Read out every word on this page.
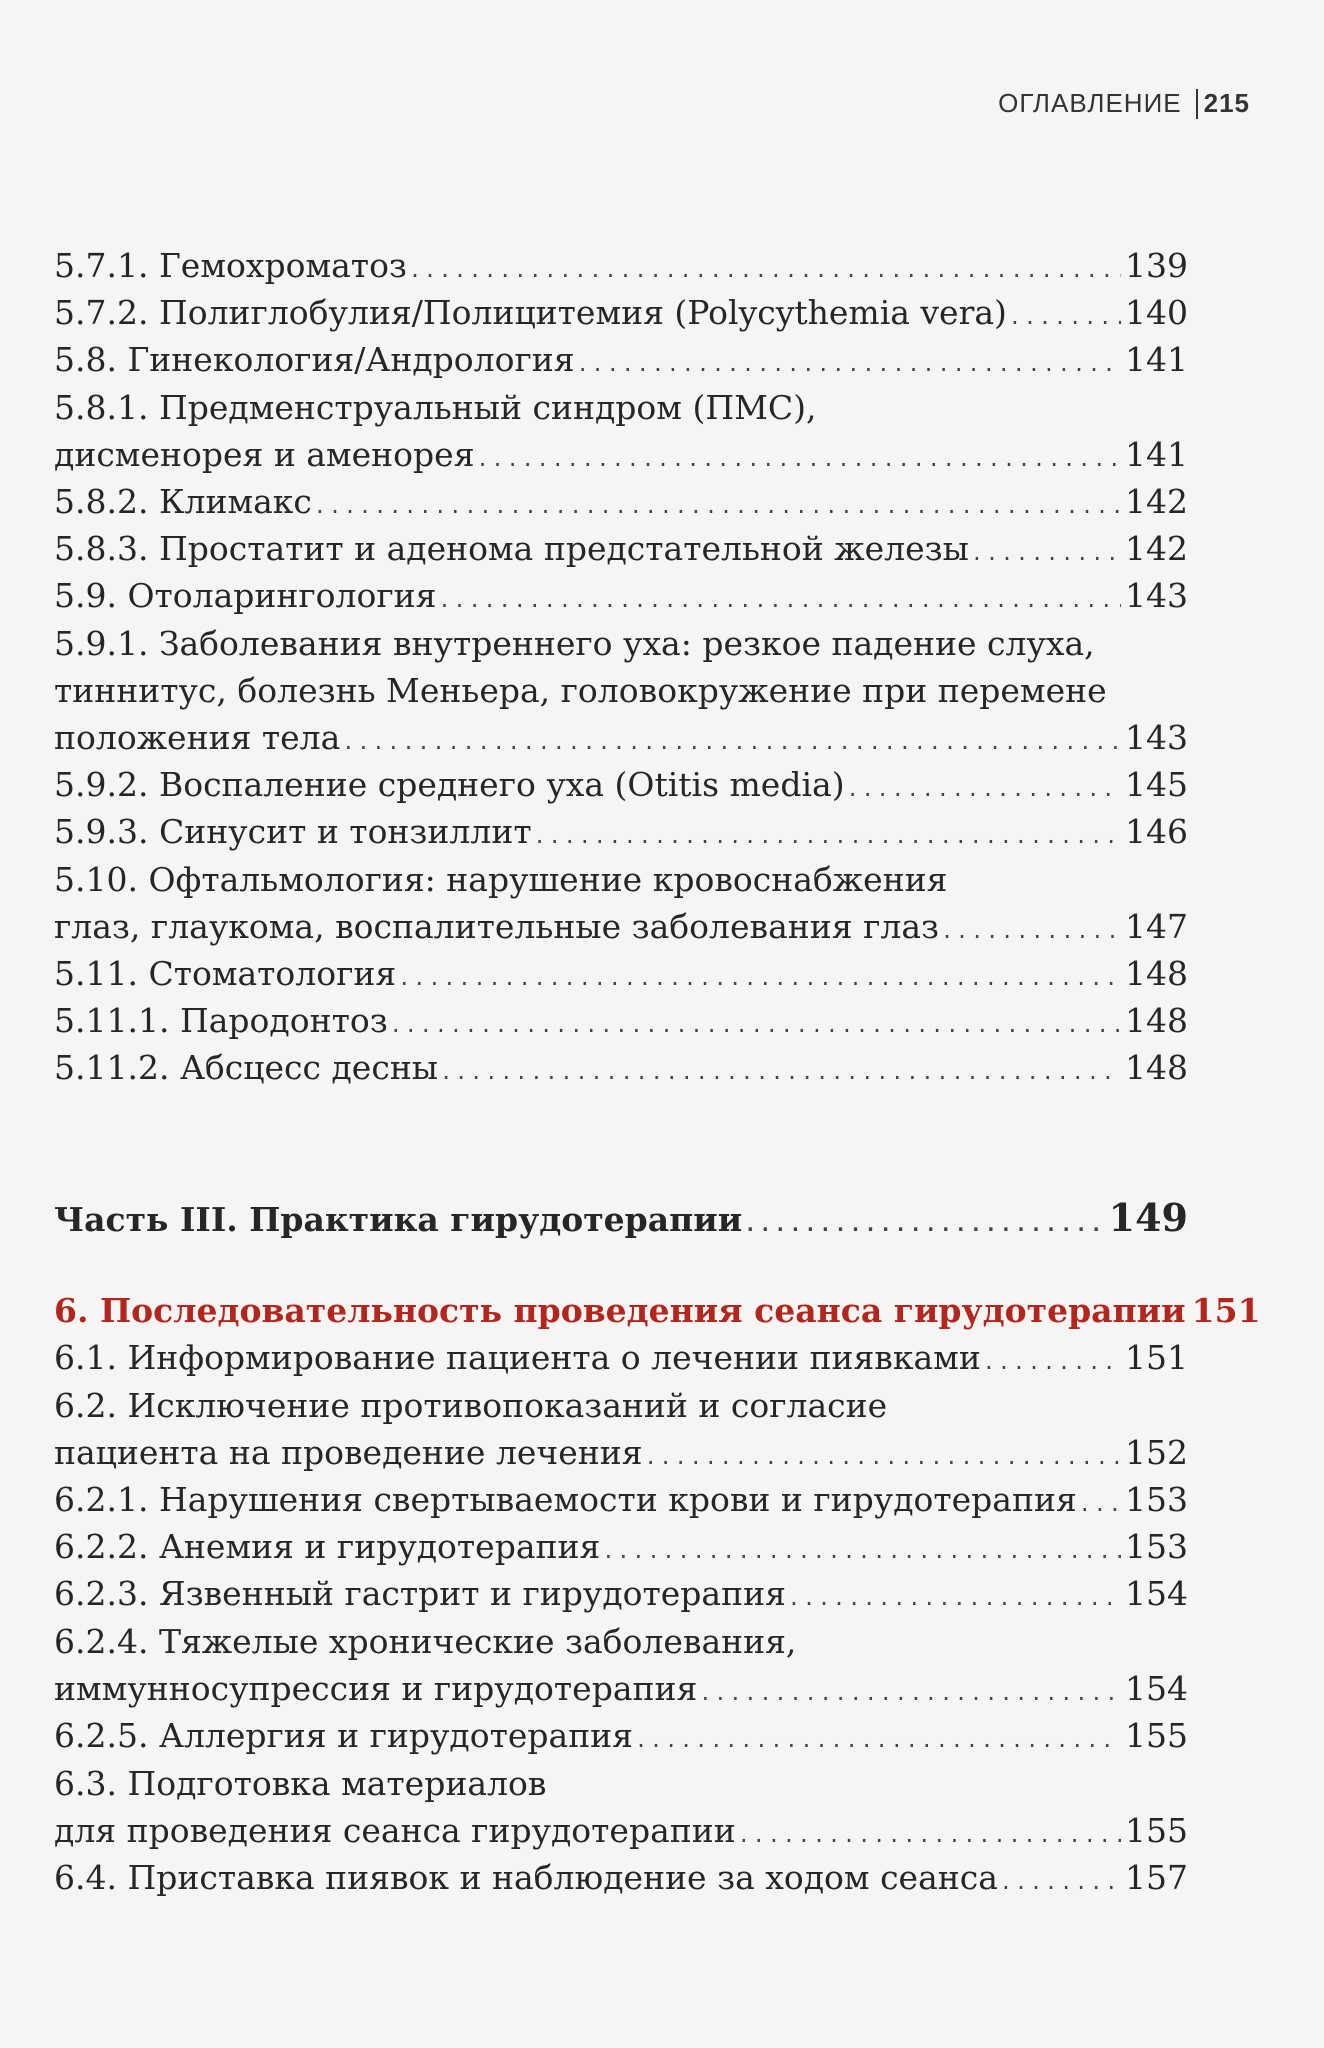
ОГЛАВЛЕНИЕ 215
5.7.1. Гемохроматоз .....	139
5.7.2. Полиглобулия/Полицитемия (Polycythemia vera) .....	140
5.8. Гинекология/Андрология .....	141
5.8.1. Предменструальный синдром (ПМС),
дисменорея и аменорея .....	141
5.8.2. Климакс .....	142
5.8.3. Простатит и аденома предстательной железы .....	142
5.9. Отоларингология .....	143
5.9.1. Заболевания внутреннего уха: резкое падение слуха,
тиннитус, болезнь Меньера, головокружение при перемене
положения тела .....	143
5.9.2. Воспаление среднего уха (Otitis media) .....	145
5.9.3. Синусит и тонзиллит .....	146
5.10. Офтальмология: нарушение кровоснабжения
глаз, глаукома, воспалительные заболевания глаз .....	147
5.11. Стоматология .....	148
5.11.1. Пародонтоз .....	148
5.11.2. Абсцесс десны .....	148
Часть III. Практика гирудотерапии .....	149
6. Последовательность проведения сеанса гирудотерапии 151
6.1. Информирование пациента о лечении пиявками .....	151
6.2. Исключение противопоказаний и согласие
пациента на проведение лечения .....	152
6.2.1. Нарушения свертываемости крови и гирудотерапия ..... 153
6.2.2. Анемия и гирудотерапия .....	153
6.2.3. Язвенный гастрит и гирудотерапия .....	154
6.2.4. Тяжелые хронические заболевания,
иммунносупрессия и гирудотерапия .....	154
6.2.5. Аллергия и гирудотерапия .....	155
6.3. Подготовка материалов
для проведения сеанса гирудотерапии .....	155
6.4. Приставка пиявок и наблюдение за ходом сеанса .....	157
